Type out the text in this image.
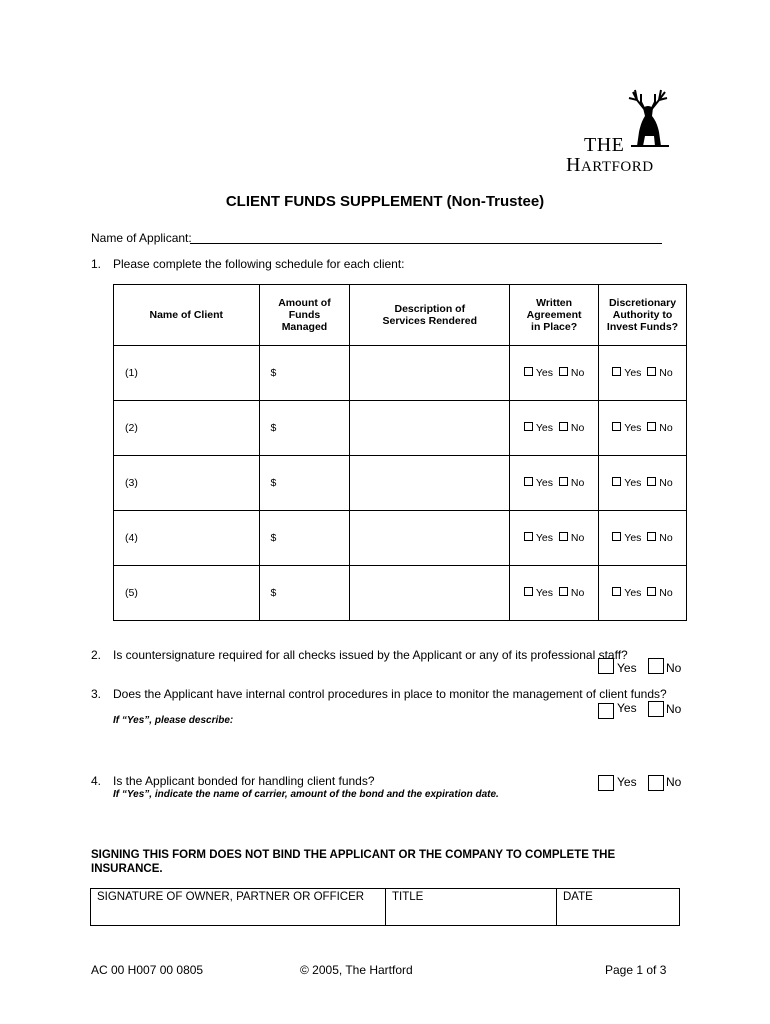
THE
HARTFORD
CLIENT FUNDS SUPPLEMENT (Non-Trustee)
Name of Applicant:
1. Please complete the following schedule for each client:
Name of Client	Amount of Funds Managed	Description of Services Rendered	Written Agreement in Place?	Discretionary Authority to Invest Funds?

(1)	$		Yes No	Yes No
(2)	$		Yes No	Yes No
(3)	$		Yes No	Yes No
(4)	$		Yes No	Yes No
(5)	$		Yes No	Yes No
2. Is countersignature required for all checks issued by the Applicant or any of its professional staff?
Yes No
3. Does the Applicant have internal control procedures in place to monitor the management of client funds?
Yes No
If “Yes”, please describe:
4. Is the Applicant bonded for handling client funds?	Yes No
If “Yes”, indicate the name of carrier, amount of the bond and the expiration date.
SIGNING THIS FORM DOES NOT BIND THE APPLICANT OR THE COMPANY TO COMPLETE THE INSURANCE.
SIGNATURE OF OWNER, PARTNER OR OFFICER	TITLE	DATE
AC 00 H007 00 0805	© 2005, The Hartford	Page 1 of 3
